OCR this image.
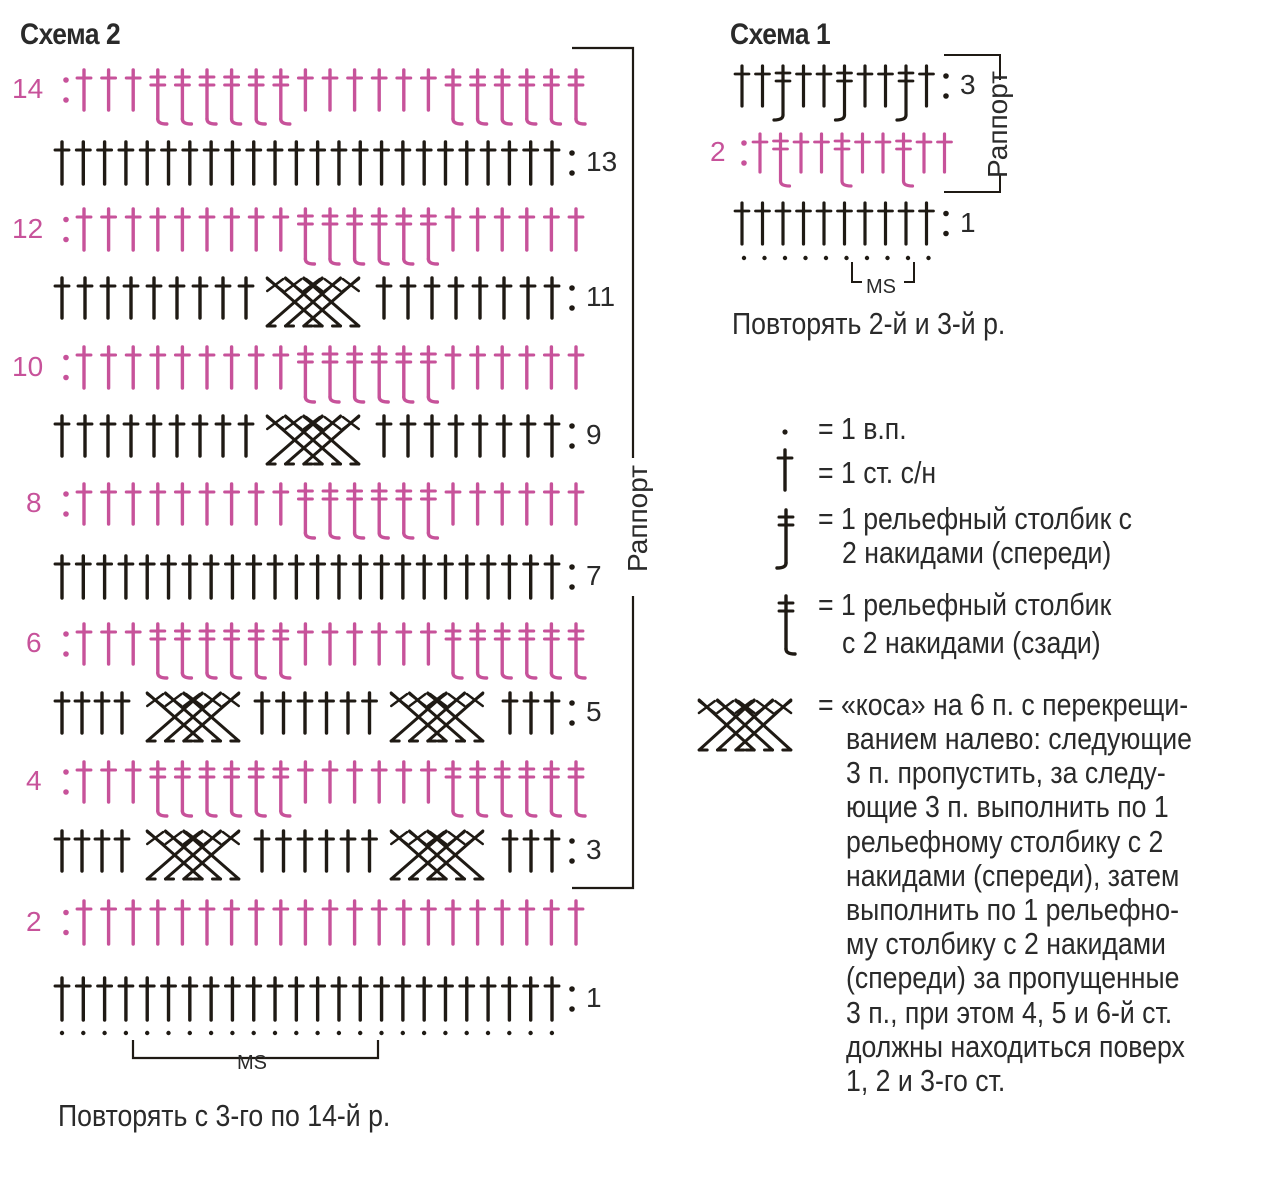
Схема 2
1
2
3
4
5
6
7
8
9
10
11
12
13
14
Раппорт
MS
Повторять с 3-го по 14-й р.
Схема 1
1
2
3 Раппорт
MS
Повторять 2-й и 3-й р.
= 1 в.п.
= 1 ст. с/н
= 1 рельефный столбик с
2 накидами (спереди)
= 1 рельефный столбик
с 2 накидами (сзади)
= «коса» на 6 п. с перекрещи-
ванием налево: следующие
3 п. пропустить, за следу-
ющие 3 п. выполнить по 1
рельефному столбику с 2
накидами (спереди), затем
выполнить по 1 рельефно-
му столбику с 2 накидами
(спереди) за пропущенные
3 п., при этом 4, 5 и 6-й ст.
должны находиться поверх
1, 2 и 3-го ст.
